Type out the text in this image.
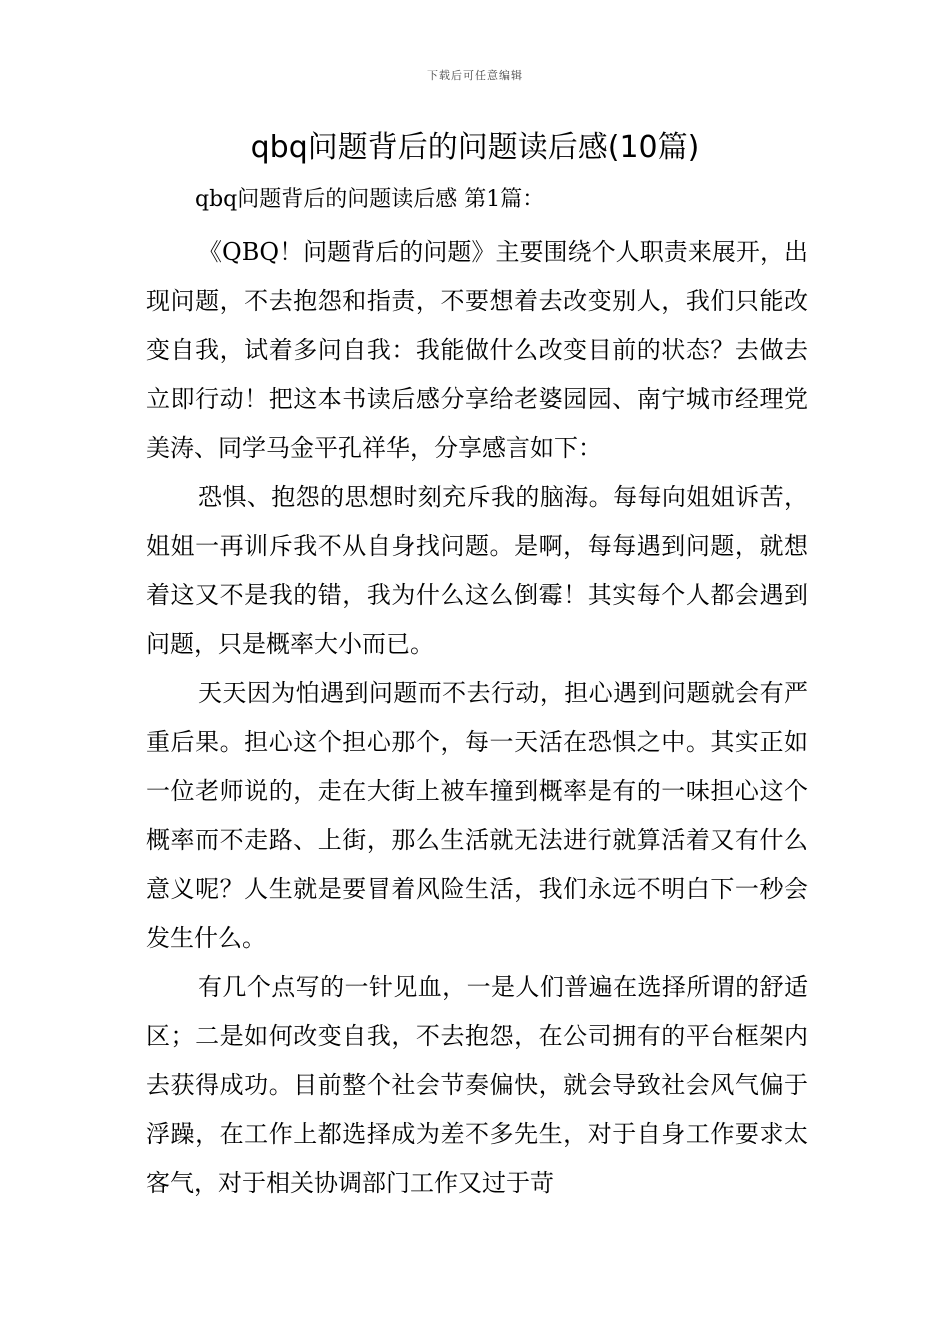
下载后可任意编辑
qbq问题背后的问题读后感(10篇)
qbq问题背后的问题读后感 第1篇：

《QBQ！问题背后的问题》主要围绕个人职责来展开，出现问题，不去抱怨和指责，不要想着去改变别人，我们只能改变自我，试着多问自我：我能做什么改变目前的状态？去做去立即行动！把这本书读后感分享给老婆园园、南宁城市经理党美涛、同学马金平孔祥华，分享感言如下：

恐惧、抱怨的思想时刻充斥我的脑海。每每向姐姐诉苦，姐姐一再训斥我不从自身找问题。是啊，每每遇到问题，就想着这又不是我的错，我为什么这么倒霉！其实每个人都会遇到问题，只是概率大小而已。

天天因为怕遇到问题而不去行动，担心遇到问题就会有严重后果。担心这个担心那个，每一天活在恐惧之中。其实正如一位老师说的，走在大街上被车撞到概率是有的一味担心这个概率而不走路、上街，那么生活就无法进行就算活着又有什么意义呢？人生就是要冒着风险生活，我们永远不明白下一秒会发生什么。

有几个点写的一针见血，一是人们普遍在选择所谓的舒适区；二是如何改变自我，不去抱怨，在公司拥有的平台框架内去获得成功。目前整个社会节奏偏快，就会导致社会风气偏于浮躁，在工作上都选择成为差不多先生，对于自身工作要求太客气，对于相关协调部门工作又过于苛
